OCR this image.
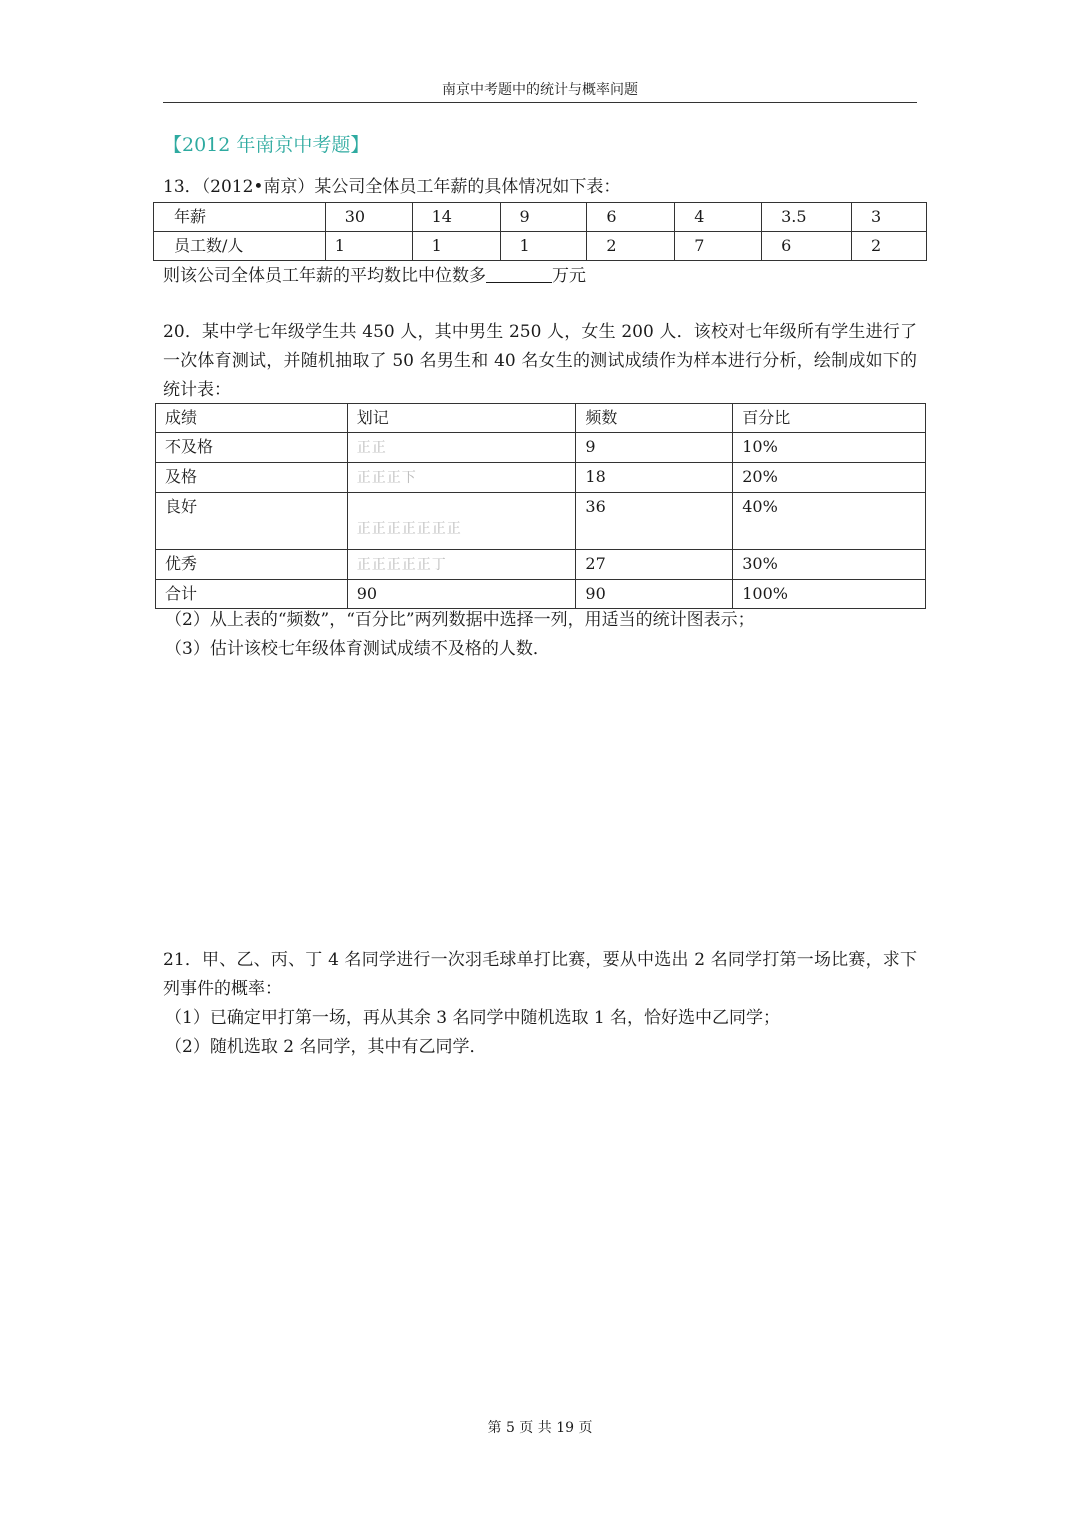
南京中考题中的统计与概率问题
【2012 年南京中考题】

13．（2012•南京）某公司全体员工年薪的具体情况如下表：

年薪	30	14	9	6	4	3.5	3
员工数/人	1	1	1	2	7	6	2

则该公司全体员工年薪的平均数比中位数多	万元

20．某中学七年级学生共 450 人，其中男生 250 人，女生 200 人．该校对七年级所有学生进行了一次体育测试，并随机抽取了 50 名男生和 40 名女生的测试成绩作为样本进行分析，绘制成如下的统计表：

成绩	划记	频数	百分比
不及格	正正	9	10%
及格	正正正下	18	20%
良好	正正正正正正正	36	40%
优秀	正正正正正丁	27	30%
合计	90	90	100%

（2）从上表的“频数”，“百分比”两列数据中选择一列，用适当的统计图表示；

（3）估计该校七年级体育测试成绩不及格的人数．

21．甲、乙、丙、丁 4 名同学进行一次羽毛球单打比赛，要从中选出 2 名同学打第一场比赛，求下列事件的概率：

（1）已确定甲打第一场，再从其余 3 名同学中随机选取 1 名，恰好选中乙同学；

（2）随机选取 2 名同学，其中有乙同学．

第 5 页 共 19 页
